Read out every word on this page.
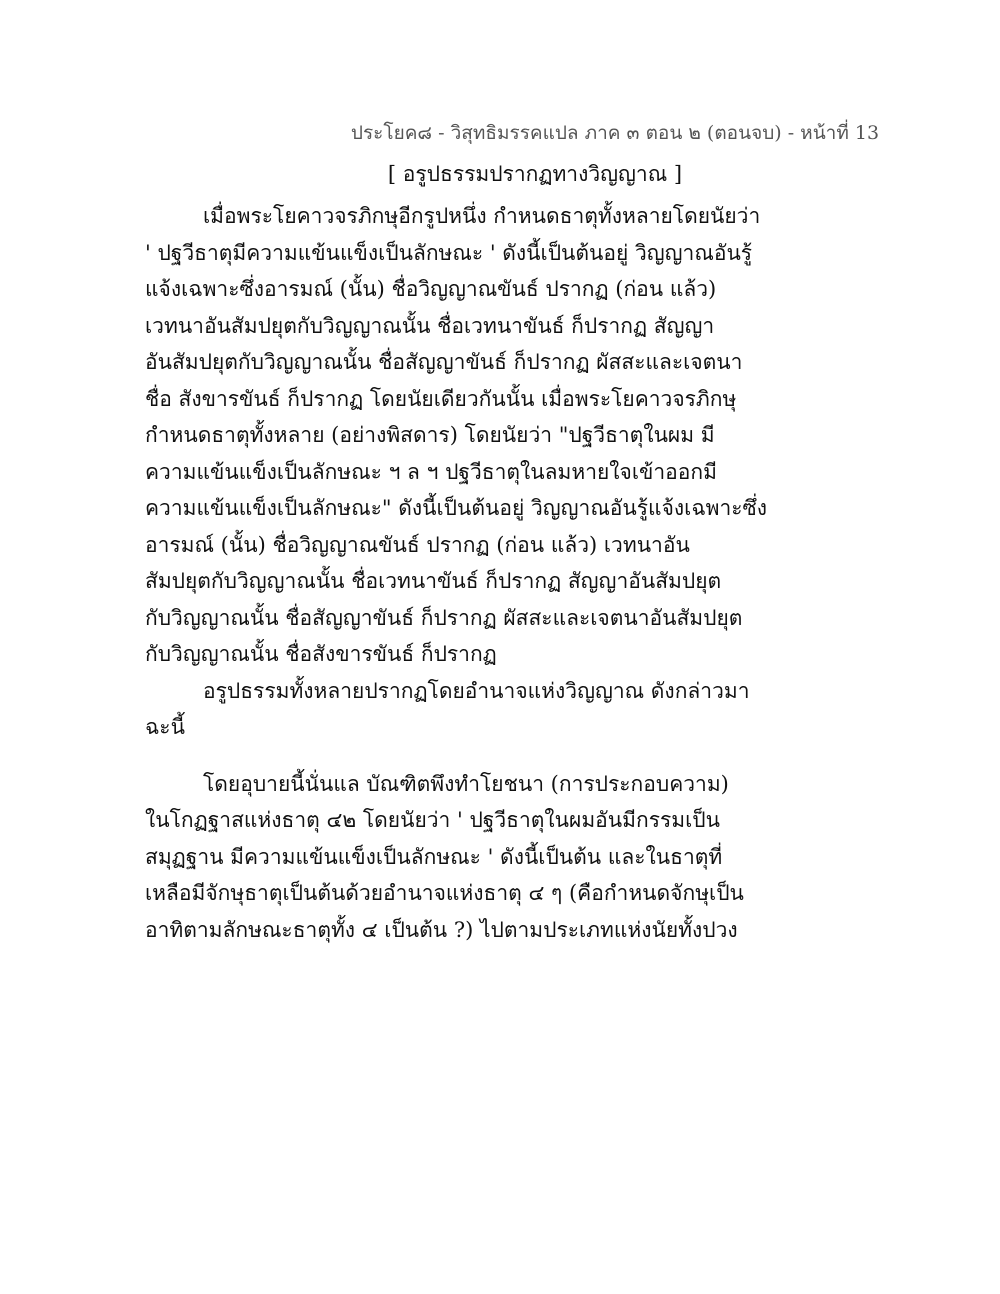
ประโยค๘ - วิสุทธิมรรคแปล ภาค ๓ ตอน ๒ (ตอนจบ) - หน้าที่ 13
[ อรูปธรรมปรากฏทางวิญญาณ ]
เมื่อพระโยคาวจรภิกษุอีกรูปหนึ่ง กำหนดธาตุทั้งหลายโดยนัยว่า
' ปฐวีธาตุมีความแข้นแข็งเป็นลักษณะ ' ดังนี้เป็นต้นอยู่ วิญญาณอันรู้
แจ้งเฉพาะซึ่งอารมณ์ (นั้น) ชื่อวิญญาณขันธ์ ปรากฏ (ก่อน แล้ว)
เวทนาอันสัมปยุตกับวิญญาณนั้น ชื่อเวทนาขันธ์ ก็ปรากฏ สัญญา
อันสัมปยุตกับวิญญาณนั้น ชื่อสัญญาขันธ์ ก็ปรากฏ ผัสสะและเจตนา
ชื่อ สังขารขันธ์ ก็ปรากฏ โดยนัยเดียวกันนั้น เมื่อพระโยคาวจรภิกษุ
กำหนดธาตุทั้งหลาย (อย่างพิสดาร) โดยนัยว่า "ปฐวีธาตุในผม มี
ความแข้นแข็งเป็นลักษณะ ฯ ล ฯ ปฐวีธาตุในลมหายใจเข้าออกมี
ความแข้นแข็งเป็นลักษณะ" ดังนี้เป็นต้นอยู่ วิญญาณอันรู้แจ้งเฉพาะซึ่ง
อารมณ์ (นั้น) ชื่อวิญญาณขันธ์ ปรากฏ (ก่อน แล้ว) เวทนาอัน
สัมปยุตกับวิญญาณนั้น ชื่อเวทนาขันธ์ ก็ปรากฏ สัญญาอันสัมปยุต
กับวิญญาณนั้น ชื่อสัญญาขันธ์ ก็ปรากฏ ผัสสะและเจตนาอันสัมปยุต
กับวิญญาณนั้น ชื่อสังขารขันธ์ ก็ปรากฏ
อรูปธรรมทั้งหลายปรากฏโดยอำนาจแห่งวิญญาณ ดังกล่าวมา
ฉะนี้
โดยอุบายนี้นั่นแล บัณฑิตพึงทำโยชนา (การประกอบความ)
ในโกฏฐาสแห่งธาตุ ๔๒ โดยนัยว่า ' ปฐวีธาตุในผมอันมีกรรมเป็น
สมุฏฐาน มีความแข้นแข็งเป็นลักษณะ ' ดังนี้เป็นต้น และในธาตุที่
เหลือมีจักษุธาตุเป็นต้นด้วยอำนาจแห่งธาตุ ๔ ๆ (คือกำหนดจักษุเป็น
อาทิตามลักษณะธาตุทั้ง ๔ เป็นต้น ?) ไปตามประเภทแห่งนัยทั้งปวง
